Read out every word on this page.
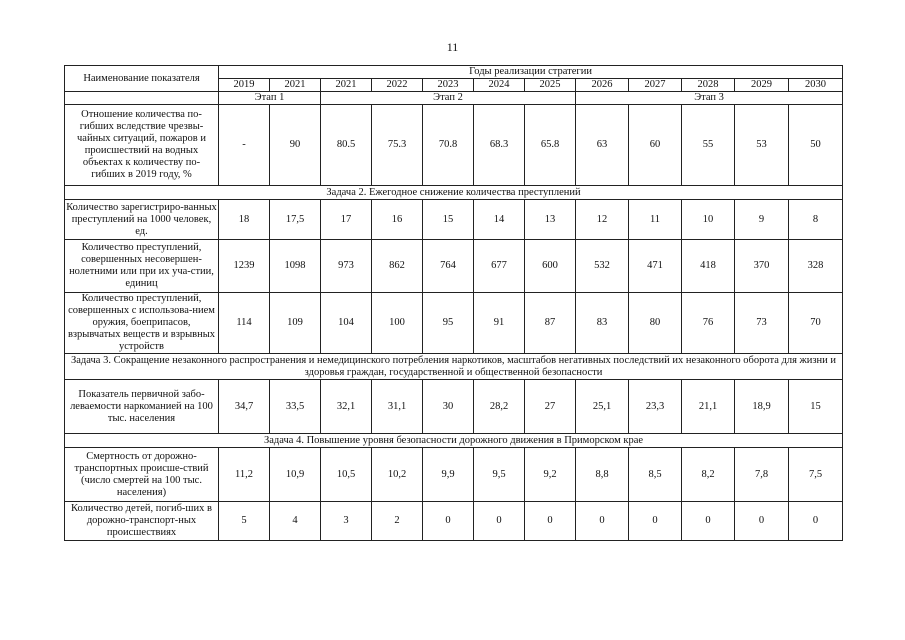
11
Наименование показателя	Годы реализации стратегии											
	2019	2021	2021	2022	2023	2024	2025	2026	2027	2028	2029	2030
	Этап 1		Этап 2					Этап 3				
Отношение количества по-гибших вследствие чрезвы-чайных ситуаций, пожаров и происшествий на водных объектах к количеству по-гибших в 2019 году, %	-	90	80.5	75.3	70.8	68.3	65.8	63	60	55	53	50
Задача 2. Ежегодное снижение количества преступлений												
Количество зарегистриро-ванных преступлений на 1000 человек, ед.	18	17,5	17	16	15	14	13	12	11	10	9	8
Количество преступлений, совершенных несовершен-нолетними или при их уча-стии, единиц	1239	1098	973	862	764	677	600	532	471	418	370	328
Количество преступлений, совершенных с использова-нием оружия, боеприпасов, взрывчатых веществ и взрывных устройств	114	109	104	100	95	91	87	83	80	76	73	70
Задача 3. Сокращение незаконного распространения и немедицинского потребления наркотиков, масштабов негативных последствий их незаконного оборота для жизни и здоровья граждан, государственной и общественной безопасности												
Показатель первичной забо-леваемости наркоманией на 100 тыс. населения	34,7	33,5	32,1	31,1	30	28,2	27	25,1	23,3	21,1	18,9	15
Задача 4. Повышение уровня безопасности дорожного движения в Приморском крае												
Смертность от дорожно-транспортных происше-ствий (число смертей на 100 тыс. населения)	11,2	10,9	10,5	10,2	9,9	9,5	9,2	8,8	8,5	8,2	7,8	7,5
Количество детей, погиб-ших в дорожно-транспорт-ных происшествиях	5	4	3	2	0	0	0	0	0	0	0	0
